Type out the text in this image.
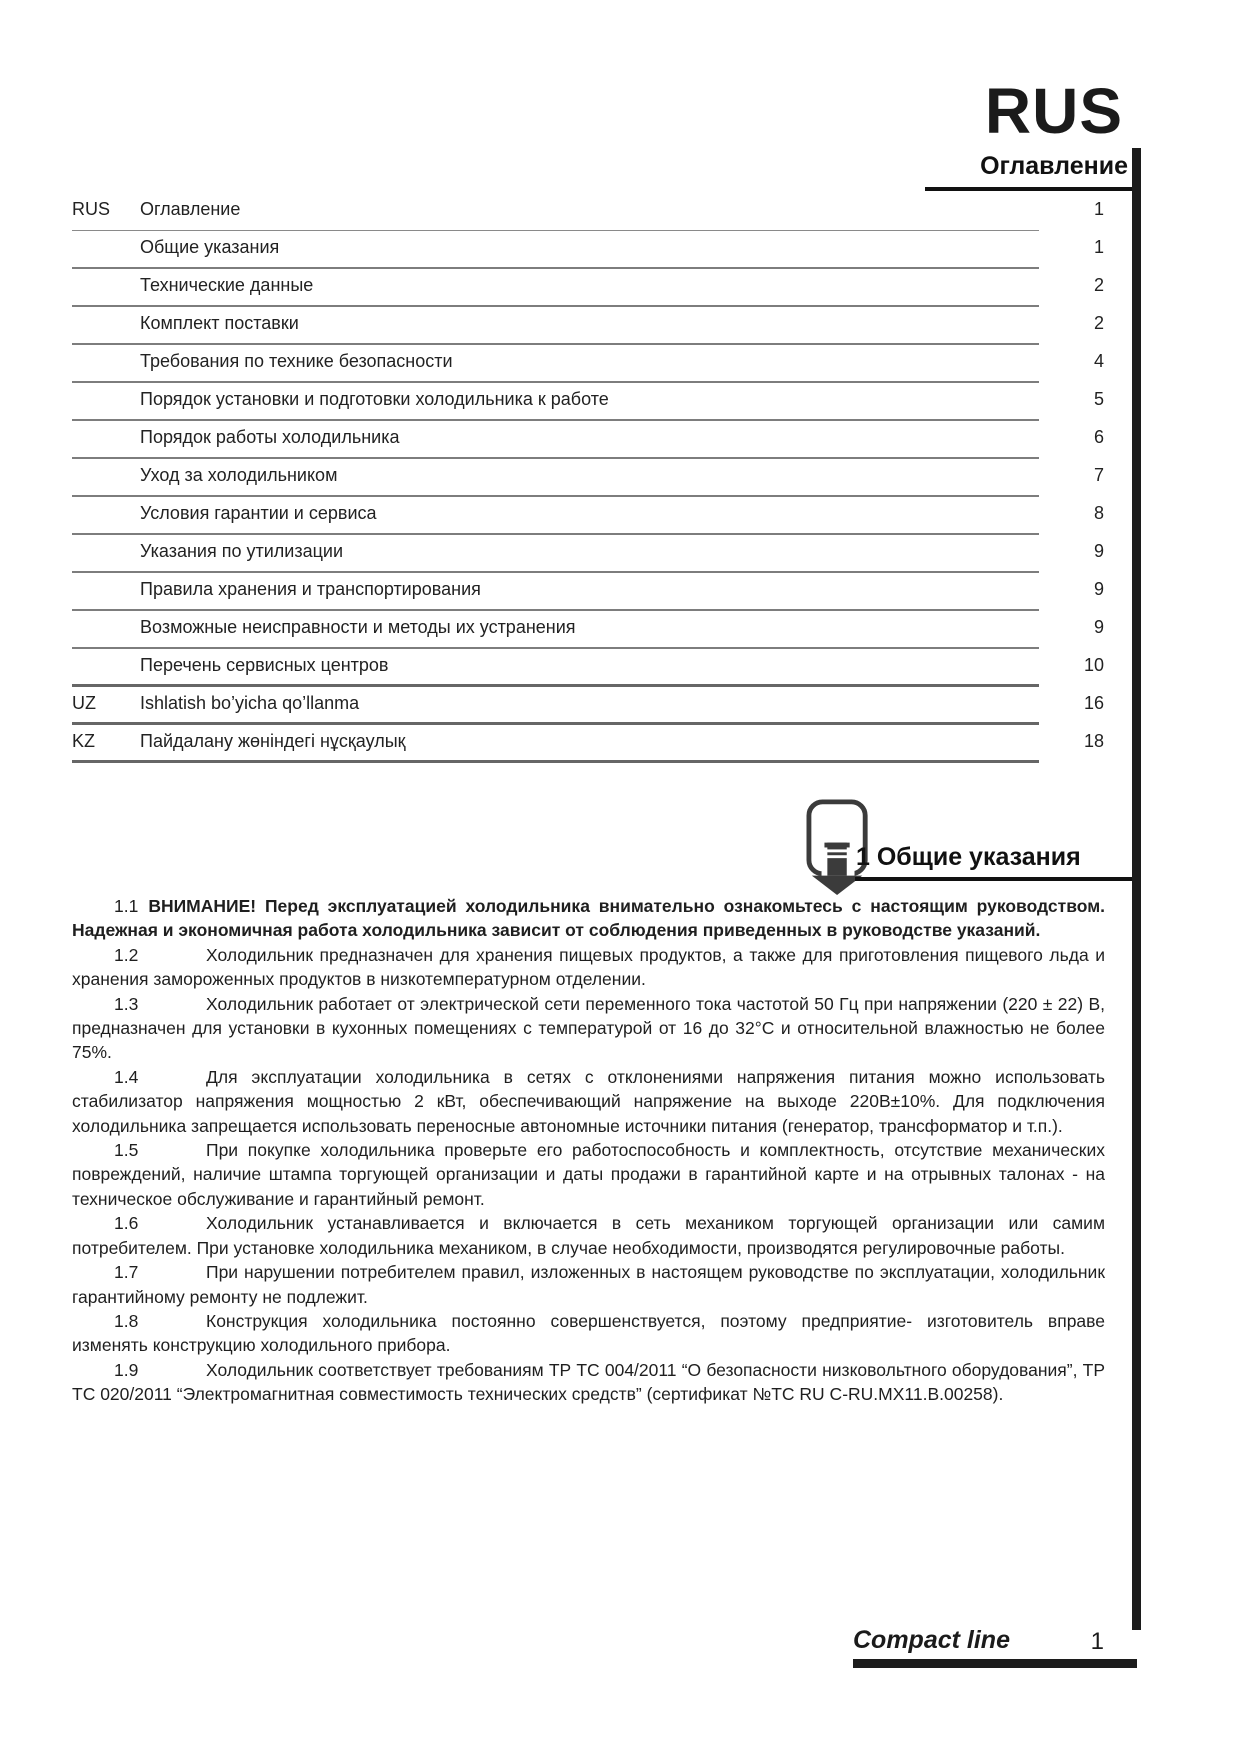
RUS
Оглавление
RUS Оглавление	1
Общие указания	1
Технические данные	2
Комплект поставки	2
Требования по технике безопасности	4
Порядок установки и подготовки холодильника к работе	5
Порядок работы холодильника	6
Уход за холодильником	7
Условия гарантии и сервиса	8
Указания по утилизации	9
Правила хранения и транспортирования	9
Возможные неисправности и методы их устранения	9
Перечень сервисных центров	10
UZ Ishlatish bo’yicha qo’llanma	16
KZ Пайдалану жөніндегі нұсқаулық	18
1 Общие указания

1.1 ВНИМАНИЕ! Перед эксплуатацией холодильника внимательно ознакомьтесь с настоящим руководством. Надежная и экономичная работа холодильника зависит от соблюдения приведенных в руководстве указаний.

1.2	Холодильник предназначен для хранения пищевых продуктов, а также для приготовления пищевого льда и хранения замороженных продуктов в низкотемпературном отделении.

1.3	Холодильник работает от электрической сети переменного тока частотой 50 Гц при напряжении (220 ± 22) В, предназначен для установки в кухонных помещениях с температурой от 16 до 32°С и относительной влажностью не более 75%.

1.4	Для эксплуатации холодильника в сетях с отклонениями напряжения питания можно использовать стабилизатор напряжения мощностью 2 кВт, обеспечивающий напряжение на выходе 220В±10%. Для подключения холодильника запрещается использовать переносные автономные источники питания (генератор, трансформатор и т.п.).

1.5	При покупке холодильника проверьте его работоспособность и комплектность, отсутствие механических повреждений, наличие штампа торгующей организации и даты продажи в гарантийной карте и на отрывных талонах - на техническое обслуживание и гарантийный ремонт.

1.6	Холодильник устанавливается и включается в сеть механиком торгующей организации или самим потребителем. При установке холодильника механиком, в случае необходимости, производятся регулировочные работы.

1.7	При нарушении потребителем правил, изложенных в настоящем руководстве по эксплуатации, холодильник гарантийному ремонту не подлежит.

1.8	Конструкция холодильника постоянно совершенствуется, поэтому предприятие- изготовитель вправе изменять конструкцию холодильного прибора.

1.9	Холодильник соответствует требованиям ТР ТС 004/2011 “О безопасности низковольтного оборудования”, ТР ТС 020/2011 “Электромагнитная совместимость технических средств” (сертификат №ТС RU C-RU.MX11.B.00258).

Compact line	1
